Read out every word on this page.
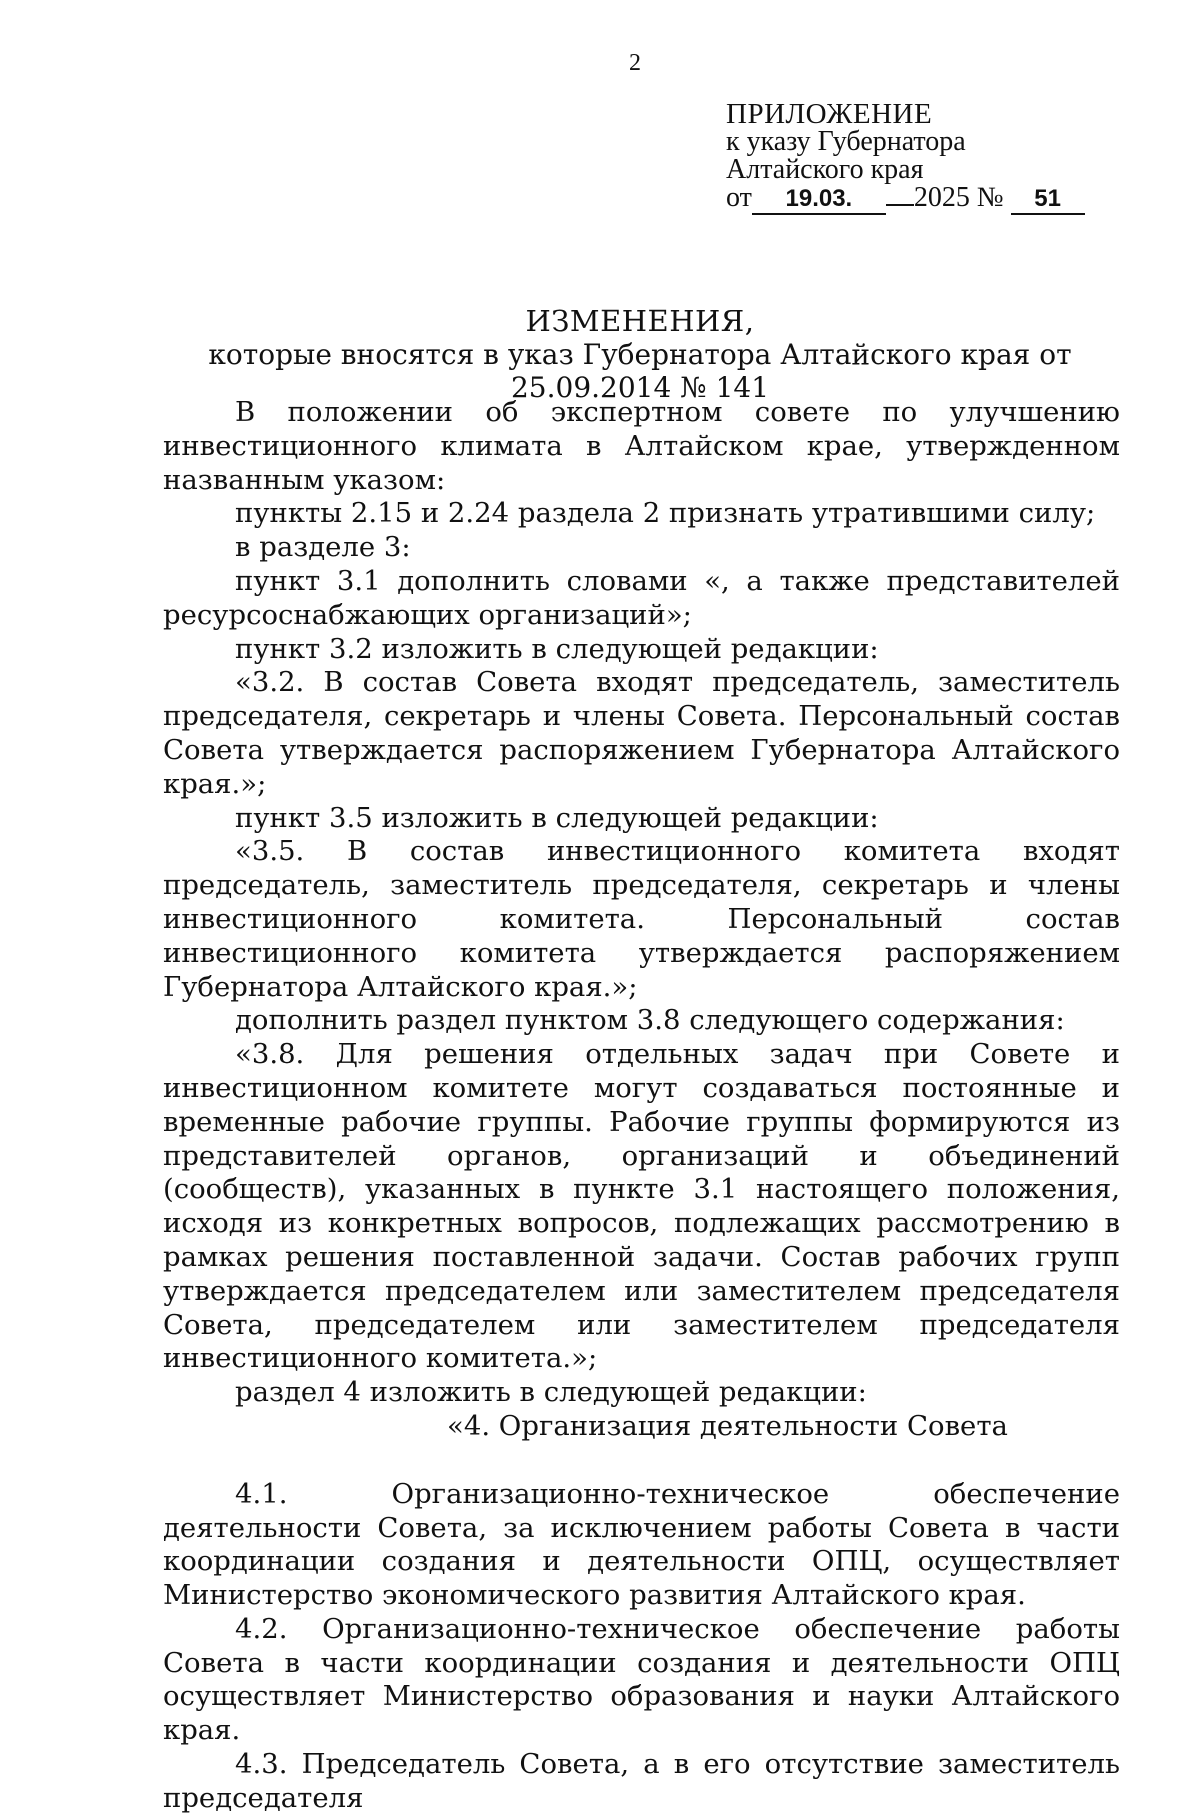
2
ПРИЛОЖЕНИЕ
к указу Губернатора
Алтайского края
от 19.03. 2025 № 51
ИЗМЕНЕНИЯ,
которые вносятся в указ Губернатора Алтайского края от 25.09.2014 № 141

В положении об экспертном совете по улучшению инвестиционного климата в Алтайском крае, утвержденном названным указом:

пункты 2.15 и 2.24 раздела 2 признать утратившими силу;

в разделе 3:

пункт 3.1 дополнить словами «, а также представителей ресурсоснабжающих организаций»;

пункт 3.2 изложить в следующей редакции:

«3.2. В состав Совета входят председатель, заместитель председателя, секретарь и члены Совета. Персональный состав Совета утверждается распоряжением Губернатора Алтайского края.»;

пункт 3.5 изложить в следующей редакции:

«3.5. В состав инвестиционного комитета входят председатель, заместитель председателя, секретарь и члены инвестиционного комитета. Персональный состав инвестиционного комитета утверждается распоряжением Губернатора Алтайского края.»;

дополнить раздел пунктом 3.8 следующего содержания:

«3.8. Для решения отдельных задач при Совете и инвестиционном комитете могут создаваться постоянные и временные рабочие группы. Рабочие группы формируются из представителей органов, организаций и объединений (сообществ), указанных в пункте 3.1 настоящего положения, исходя из конкретных вопросов, подлежащих рассмотрению в рамках решения поставленной задачи. Состав рабочих групп утверждается председателем или заместителем председателя Совета, председателем или заместителем председателя инвестиционного комитета.»;

раздел 4 изложить в следующей редакции:

«4. Организация деятельности Совета

4.1. Организационно-техническое обеспечение деятельности Совета, за исключением работы Совета в части координации создания и деятельности ОПЦ, осуществляет Министерство экономического развития Алтайского края.

4.2. Организационно-техническое обеспечение работы Совета в части координации создания и деятельности ОПЦ осуществляет Министерство образования и науки Алтайского края.

4.3. Председатель Совета, а в его отсутствие заместитель председателя
